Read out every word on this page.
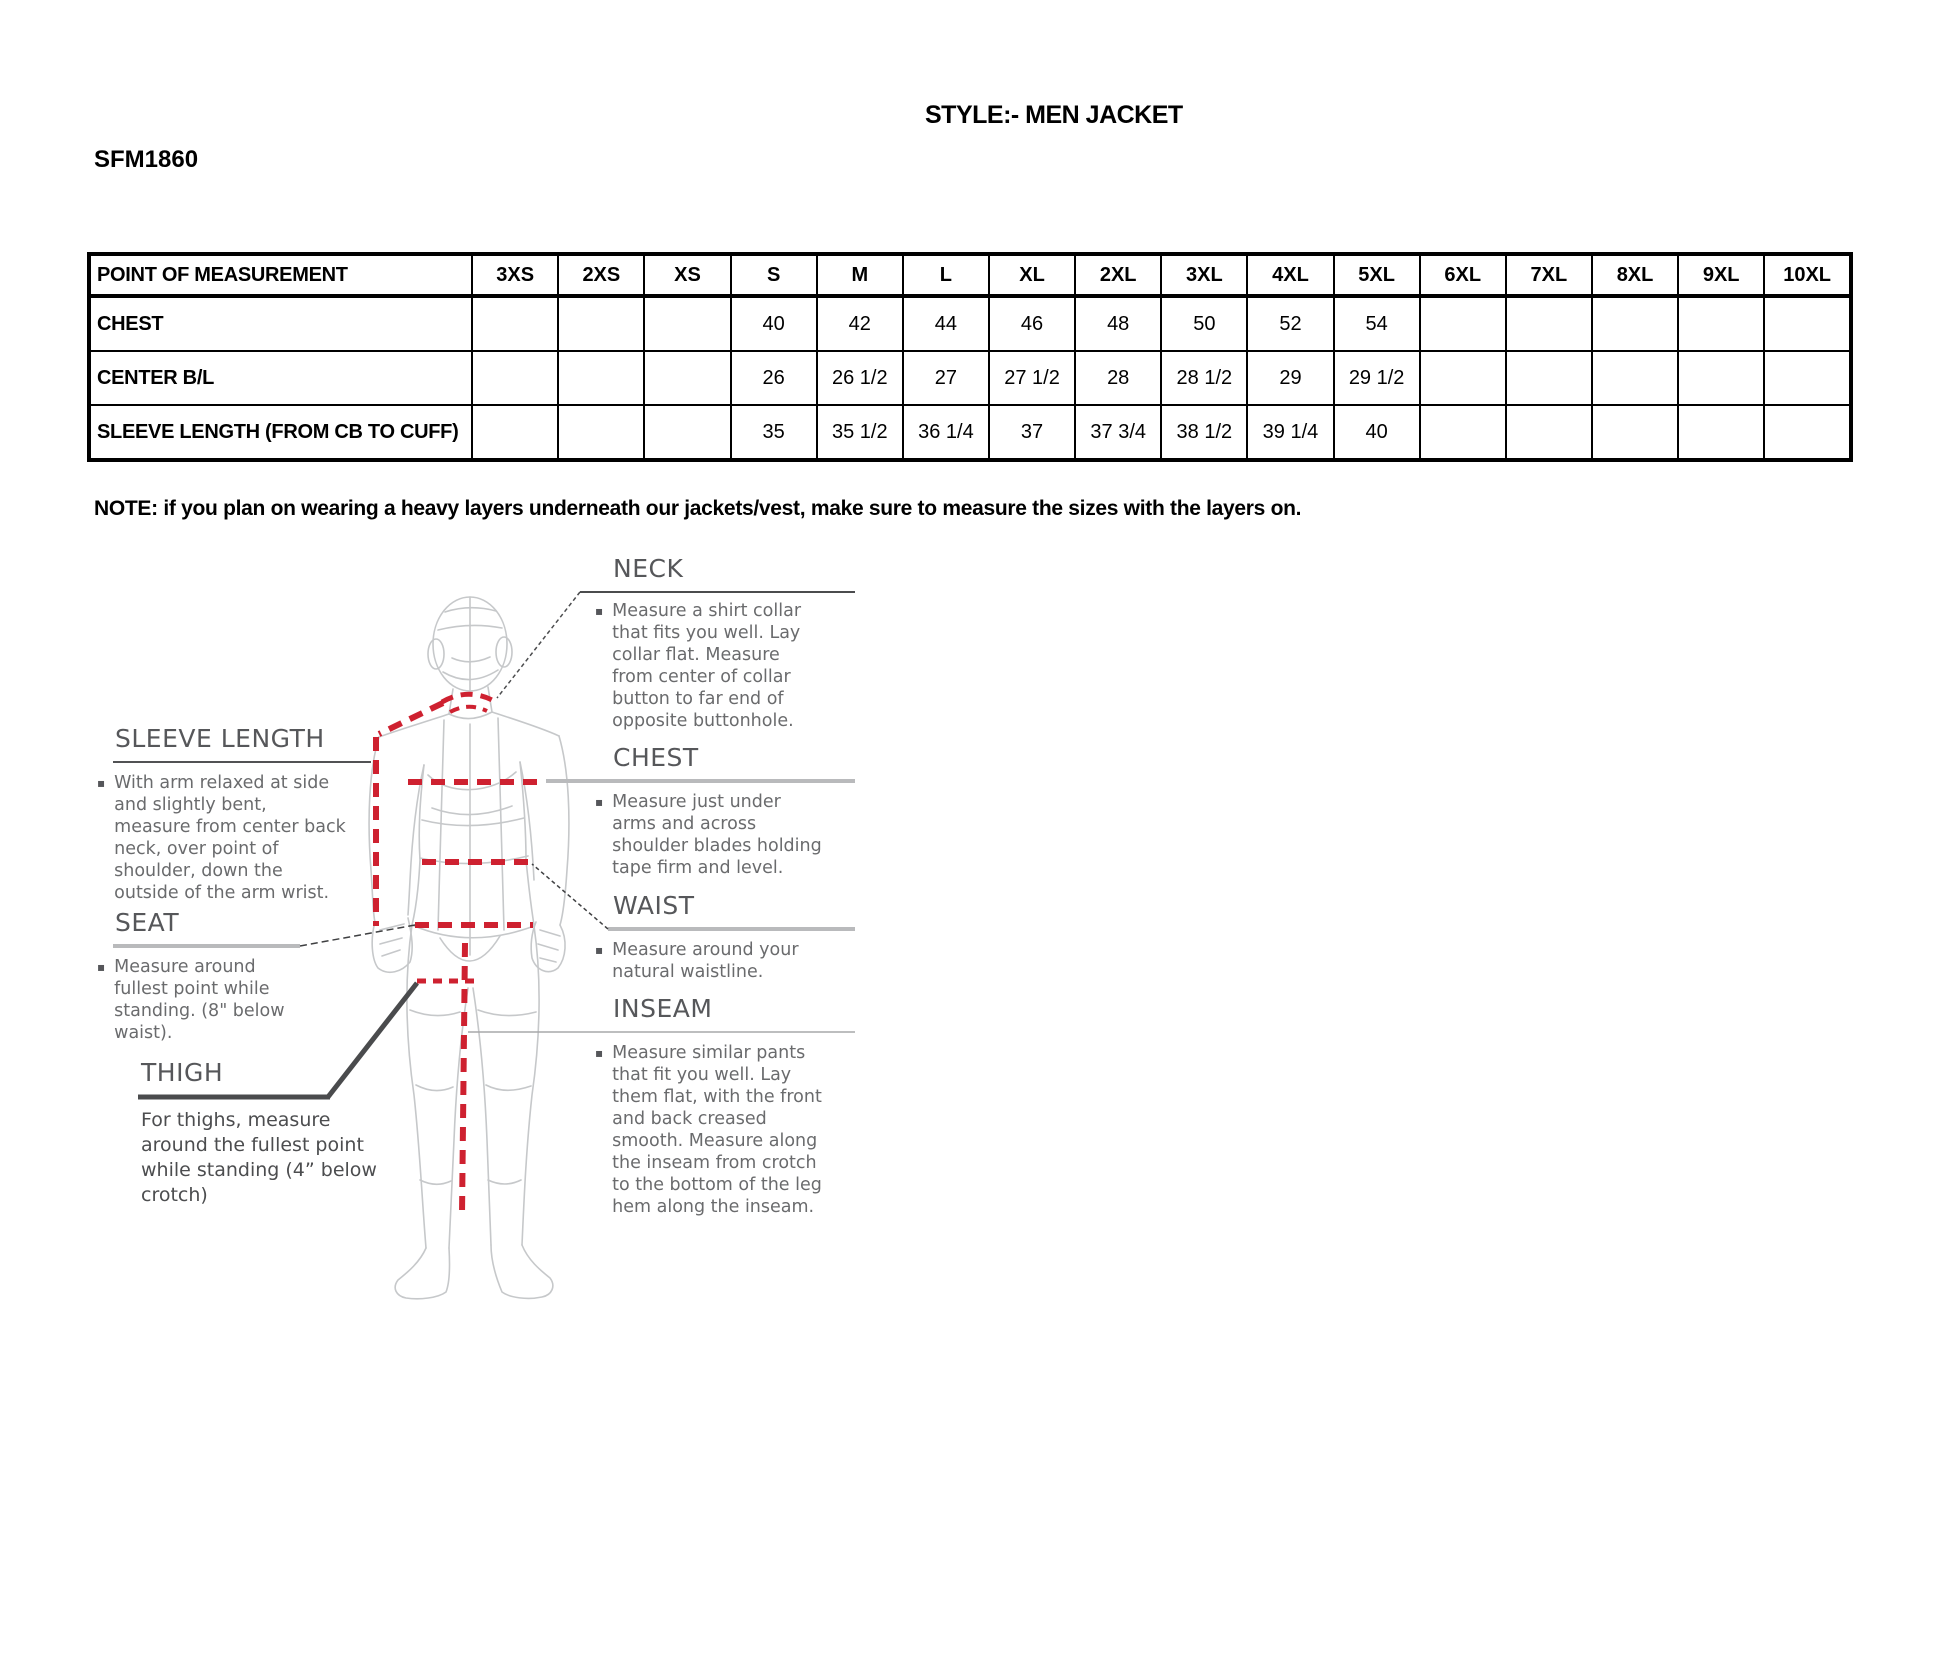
STYLE:- MEN JACKET
SFM1860
POINT OF MEASUREMENT	3XS	2XS	XS	S	M	L	XL	2XL	3XL	4XL	5XL	6XL	7XL	8XL	9XL	10XL
CHEST				40	42	44	46	48	50	52	54					
CENTER B/L				26	26 1/2	27	27 1/2	28	28 1/2	29	29 1/2					
SLEEVE LENGTH (FROM CB TO CUFF)				35	35 1/2	36 1/4	37	37 3/4	38 1/2	39 1/4	40					
NOTE: if you plan on wearing a heavy layers underneath our jackets/vest, make sure to measure the sizes with the layers on.
NECK
▪ Measure a shirt collar that fits you well. Lay collar flat. Measure from center of collar button to far end of opposite buttonhole.
CHEST
▪ Measure just under arms and across shoulder blades holding tape firm and level.
WAIST
▪ Measure around your natural waistline.
INSEAM
▪ Measure similar pants that fit you well. Lay them flat, with the front and back creased smooth. Measure along the inseam from crotch to the bottom of the leg hem along the inseam.
SLEEVE LENGTH
▪ With arm relaxed at side and slightly bent, measure from center back neck, over point of shoulder, down the outside of the arm wrist.
SEAT
▪ Measure around fullest point while standing. (8" below waist).
THIGH
For thighs, measure around the fullest point while standing (4” below crotch)
